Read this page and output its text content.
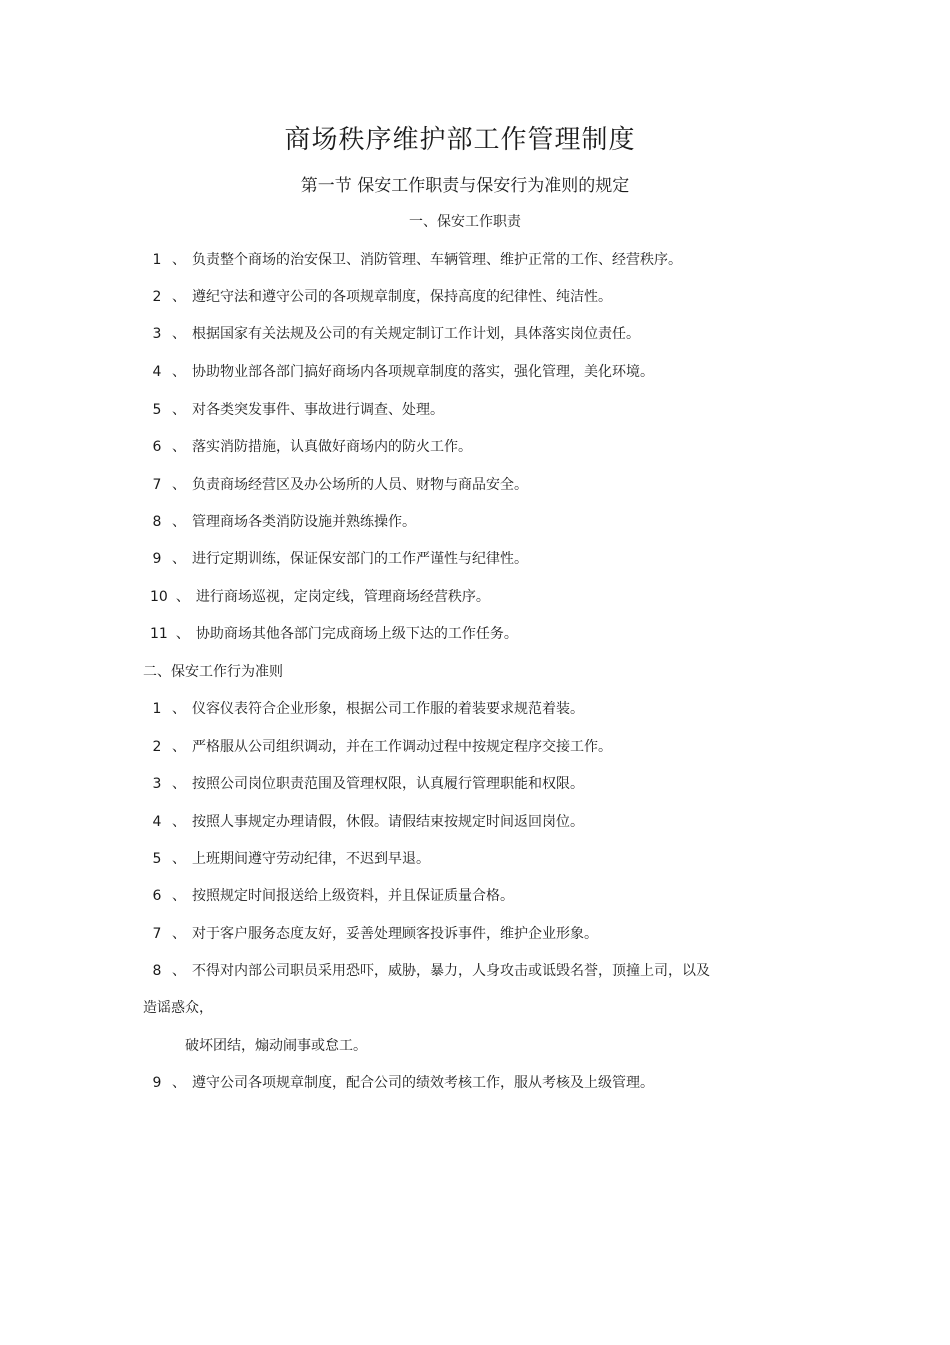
商场秩序维护部工作管理制度
第一节 保安工作职责与保安行为准则的规定
一、保安工作职责
1 、 负责整个商场的治安保卫、消防管理、车辆管理、维护正常的工作、经营秩序。
2 、 遵纪守法和遵守公司的各项规章制度，保持高度的纪律性、纯洁性。
3 、 根据国家有关法规及公司的有关规定制订工作计划，具体落实岗位责任。
4 、 协助物业部各部门搞好商场内各项规章制度的落实，强化管理，美化环境。
5 、 对各类突发事件、事故进行调查、处理。
6 、 落实消防措施，认真做好商场内的防火工作。
7 、 负责商场经营区及办公场所的人员、财物与商品安全。
8 、 管理商场各类消防设施并熟练操作。
9 、 进行定期训练，保证保安部门的工作严谨性与纪律性。
10 、 进行商场巡视，定岗定线，管理商场经营秩序。
11 、 协助商场其他各部门完成商场上级下达的工作任务。
二、保安工作行为准则
1 、 仪容仪表符合企业形象，根据公司工作服的着装要求规范着装。
2 、 严格服从公司组织调动，并在工作调动过程中按规定程序交接工作。
3 、 按照公司岗位职责范围及管理权限，认真履行管理职能和权限。
4 、 按照人事规定办理请假，休假。请假结束按规定时间返回岗位。
5 、 上班期间遵守劳动纪律，不迟到早退。
6 、 按照规定时间报送给上级资料，并且保证质量合格。
7 、 对于客户服务态度友好，妥善处理顾客投诉事件，维护企业形象。
8 、 不得对内部公司职员采用恐吓，威胁，暴力，人身攻击或诋毁名誉，顶撞上司，以及
造谣惑众，
破坏团结，煽动闹事或怠工。
9 、 遵守公司各项规章制度，配合公司的绩效考核工作，服从考核及上级管理。
